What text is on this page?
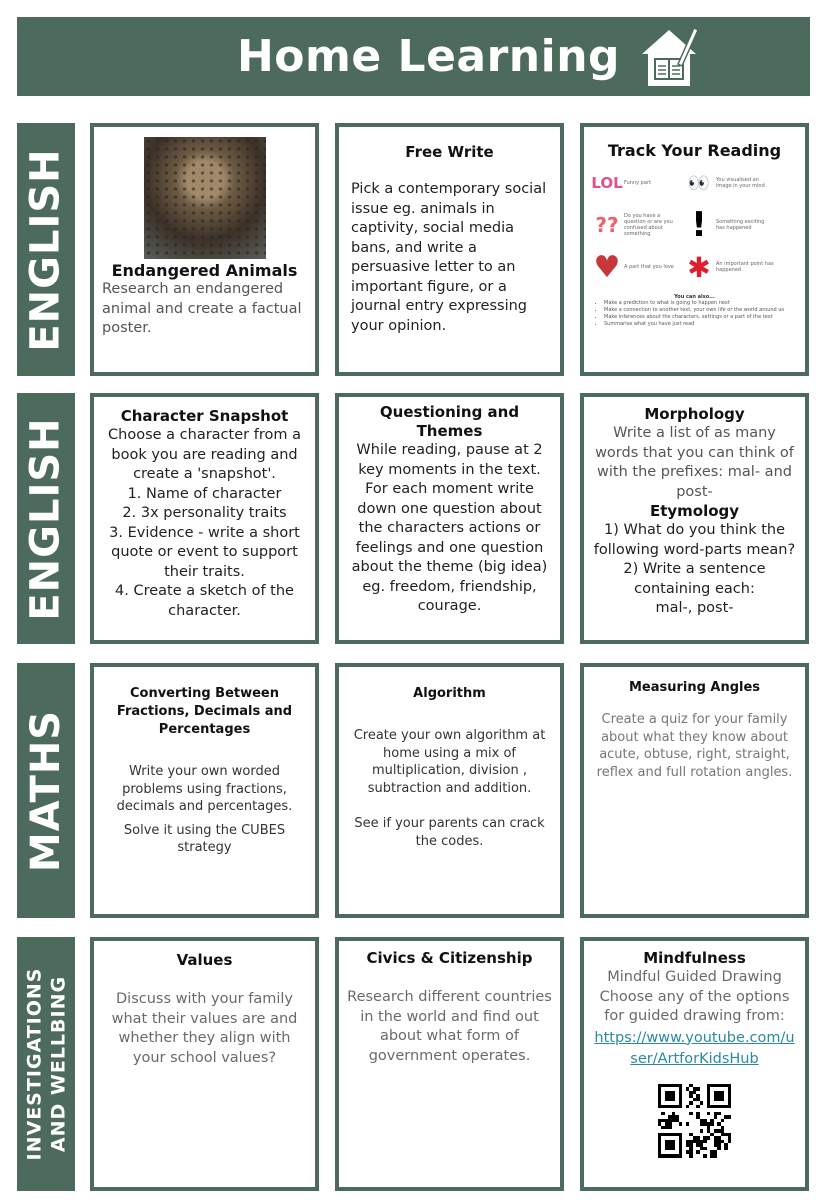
Home Learning
ENGLISH
ENGLISH
MATHS
INVESTIGATIONS AND WELLBING
Endangered Animals
Research an endangered animal and create a factual poster.
Free Write
Pick a contemporary social issue eg. animals in captivity, social media bans, and write a persuasive letter to an important figure, or a journal entry expressing your opinion.
Track Your Reading
LOL Funny part	👀	You visualised an image in your mind
??	Do you have a question or are you confused about something	!	Something exciting has happened
♥ A part that you love ✱	An important point has happened
You can also...
• Make a prediction to what is going to happen next
• Make a connection to another text, your own life or the world around us
• Make inferences about the characters, settings or a part of the text
• Summarise what you have just read
Character Snapshot
Choose a character from a book you are reading and create a 'snapshot'.
1. Name of character
2. 3x personality traits
3. Evidence - write a short quote or event to support their traits.
4. Create a sketch of the character.
Questioning and Themes
While reading, pause at 2 key moments in the text. For each moment write down one question about the characters actions or feelings and one question about the theme (big idea) eg. freedom, friendship, courage.
Morphology
Write a list of as many words that you can think of with the prefixes: mal- and post-
Etymology
1) What do you think the following word-parts mean?
2) Write a sentence containing each:
mal-, post-
Converting Between Fractions, Decimals and Percentages
Write your own worded problems using fractions, decimals and percentages.
Solve it using the CUBES strategy
Algorithm
Create your own algorithm at home using a mix of multiplication, division , subtraction and addition.
See if your parents can crack the codes.
Measuring Angles
Create a quiz for your family about what they know about acute, obtuse, right, straight, reflex and full rotation angles.
Values
Discuss with your family what their values are and whether they align with your school values?
Civics & Citizenship
Research different countries in the world and find out about what form of government operates.
Mindfulness
Mindful Guided Drawing Choose any of the options for guided drawing from:
https://www.youtube.com/user/ArtforKidsHub
